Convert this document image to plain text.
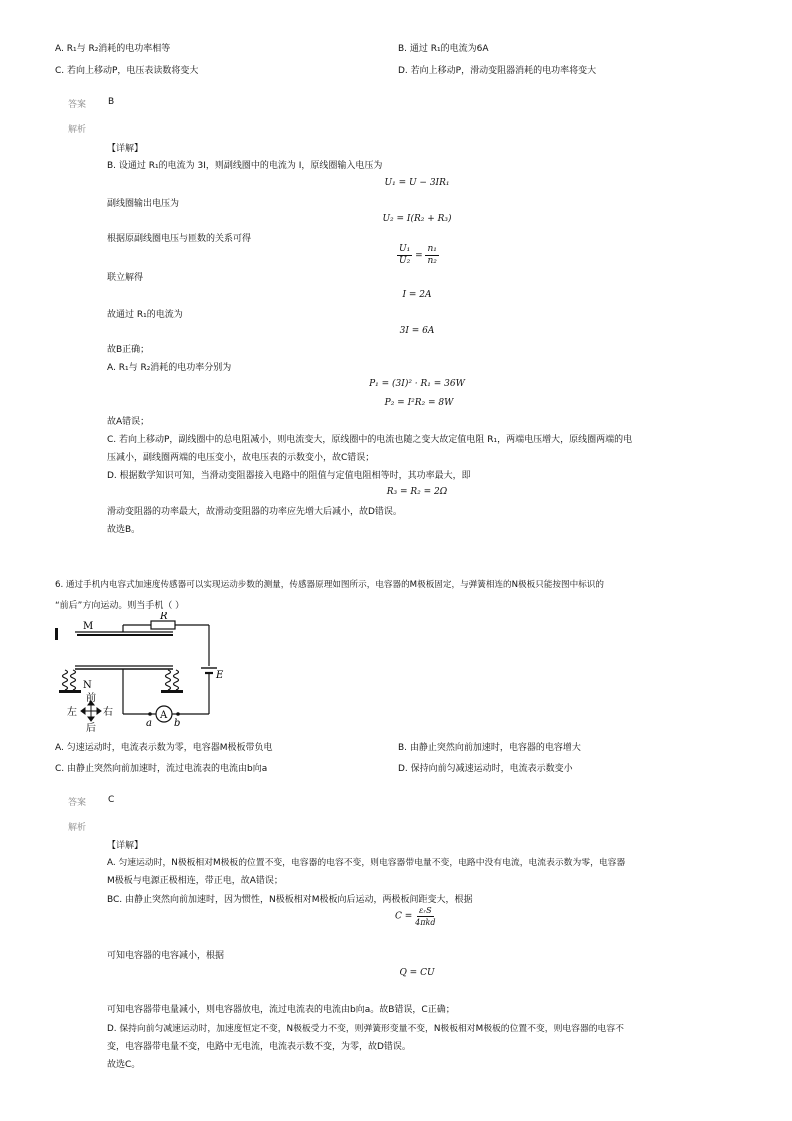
A. R₁与 R₂消耗的电功率相等	B. 通过 R₁的电流为6A
C. 若向上移动P，电压表读数将变大	D. 若向上移动P，滑动变阻器消耗的电功率将变大
答案 B
解析
【详解】
B. 设通过 R₁的电流为 3I，则副线圈中的电流为 I，原线圈输入电压为
U₁ = U − 3IR₁
副线圈输出电压为
U₂ = I(R₂ + R₃)
根据原副线圈电压与匝数的关系可得
$\frac{\text{U₁}}{\text{U₂}} = \frac{\text{n₁}}{\text{n₂}}$
联立解得
I = 2A
故通过 R₁的电流为
3I = 6A
故B正确；
A. R₁与 R₂消耗的电功率分别为
P₁ = (3I)² · R₁ = 36W
P₂ = I²R₂ = 8W
故A错误；
C. 若向上移动P，副线圈中的总电阻减小，则电流变大，原线圈中的电流也随之变大故定值电阻 R₁，两端电压增大，原线圈两端的电
压减小，副线圈两端的电压变小，故电压表的示数变小，故C错误；
D. 根据数学知识可知，当滑动变阻器接入电路中的阻值与定值电阻相等时，其功率最大，即
R₃ = R₂ = 2Ω
滑动变阻器的功率最大，故滑动变阻器的功率应先增大后减小，故D错误。
故选B。
6. 通过手机内电容式加速度传感器可以实现运动步数的测量，传感器原理如图所示，电容器的M极板固定，与弹簧相连的N极板只能按图中标识的
“前后”方向运动。则当手机（ ）
M
R
E
N
前
后
左	右
a b
A
A. 匀速运动时，电流表示数为零，电容器M极板带负电	B. 由静止突然向前加速时，电容器的电容增大
C. 由静止突然向前加速时，流过电流表的电流由b向a	D. 保持向前匀减速运动时，电流表示数变小
答案 C
解析
【详解】
A. 匀速运动时，N极板相对M极板的位置不变，电容器的电容不变，则电容器带电量不变，电路中没有电流，电流表示数为零，电容器
M极板与电源正极相连，带正电，故A错误；
BC. 由静止突然向前加速时，因为惯性，N极板相对M极板向后运动，两极板间距变大，根据
$C = \frac{\text{εᵣS}}{\text{4πkd}}$
可知电容器的电容减小，根据
Q = CU
可知电容器带电量减小，则电容器放电，流过电流表的电流由b向a。故B错误，C正确；
D. 保持向前匀减速运动时，加速度恒定不变，N极板受力不变，则弹簧形变量不变，N极板相对M极板的位置不变，则电容器的电容不
变，电容器带电量不变，电路中无电流，电流表示数不变，为零，故D错误。
故选C。
